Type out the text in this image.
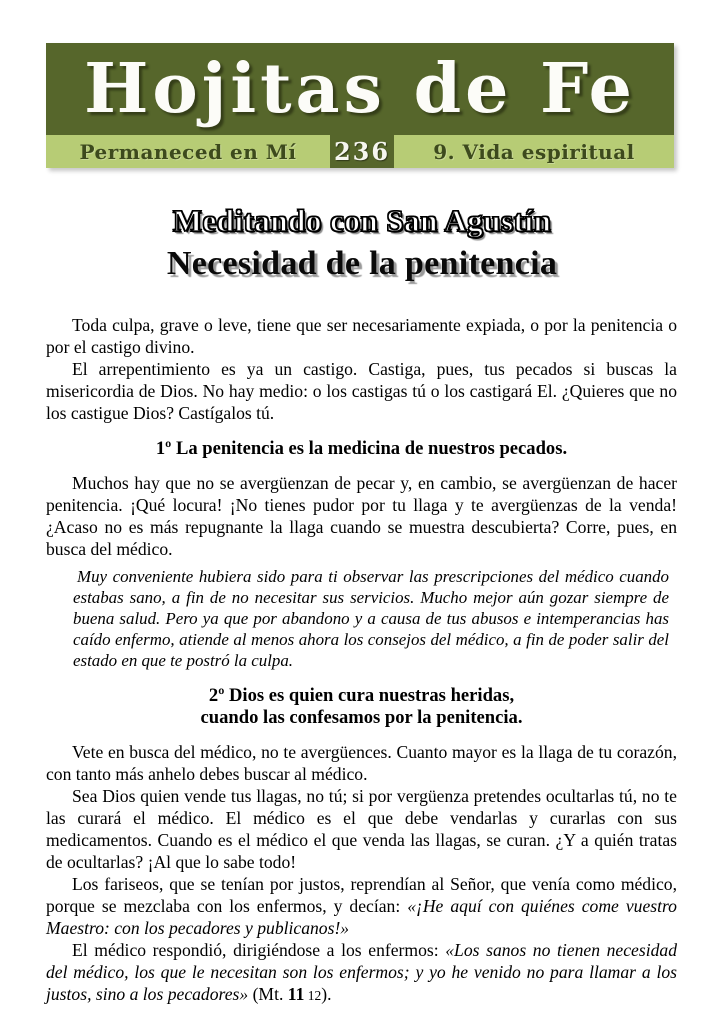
Hojitas de Fe
Permaneced en Mí 236 9. Vida espiritual
Meditando con San Agustín
Necesidad de la penitencia

Toda culpa, grave o leve, tiene que ser necesariamente expiada, o por la penitencia o por el castigo divino.

El arrepentimiento es ya un castigo. Castiga, pues, tus pecados si buscas la misericordia de Dios. No hay medio: o los castigas tú o los castigará El. ¿Quieres que no los castigue Dios? Castígalos tú.

1º La penitencia es la medicina de nuestros pecados.

Muchos hay que no se avergüenzan de pecar y, en cambio, se avergüenzan de hacer penitencia. ¡Qué locura! ¡No tienes pudor por tu llaga y te avergüenzas de la venda! ¿Acaso no es más repugnante la llaga cuando se muestra descubierta? Corre, pues, en busca del médico.

Muy conveniente hubiera sido para ti observar las prescripciones del médico cuando estabas sano, a fin de no necesitar sus servicios. Mucho mejor aún gozar siempre de buena salud. Pero ya que por abandono y a causa de tus abusos e intemperancias has caído enfermo, atiende al menos ahora los consejos del médico, a fin de poder salir del estado en que te postró la culpa.

2º Dios es quien cura nuestras heridas,
cuando las confesamos por la penitencia.

Vete en busca del médico, no te avergüences. Cuanto mayor es la llaga de tu corazón, con tanto más anhelo debes buscar al médico.

Sea Dios quien vende tus llagas, no tú; si por vergüenza pretendes ocultarlas tú, no te las curará el médico. El médico es el que debe vendarlas y curarlas con sus medicamentos. Cuando es el médico el que venda las llagas, se curan. ¿Y a quién tratas de ocultarlas? ¡Al que lo sabe todo!

Los fariseos, que se tenían por justos, reprendían al Señor, que venía como médico, porque se mezclaba con los enfermos, y decían: «¡He aquí con quiénes come vuestro Maestro: con los pecadores y publicanos!»

El médico respondió, dirigiéndose a los enfermos: «Los sanos no tienen necesidad del médico, los que le necesitan son los enfermos; y yo he venido no para llamar a los justos, sino a los pecadores» (Mt. 11 12).
